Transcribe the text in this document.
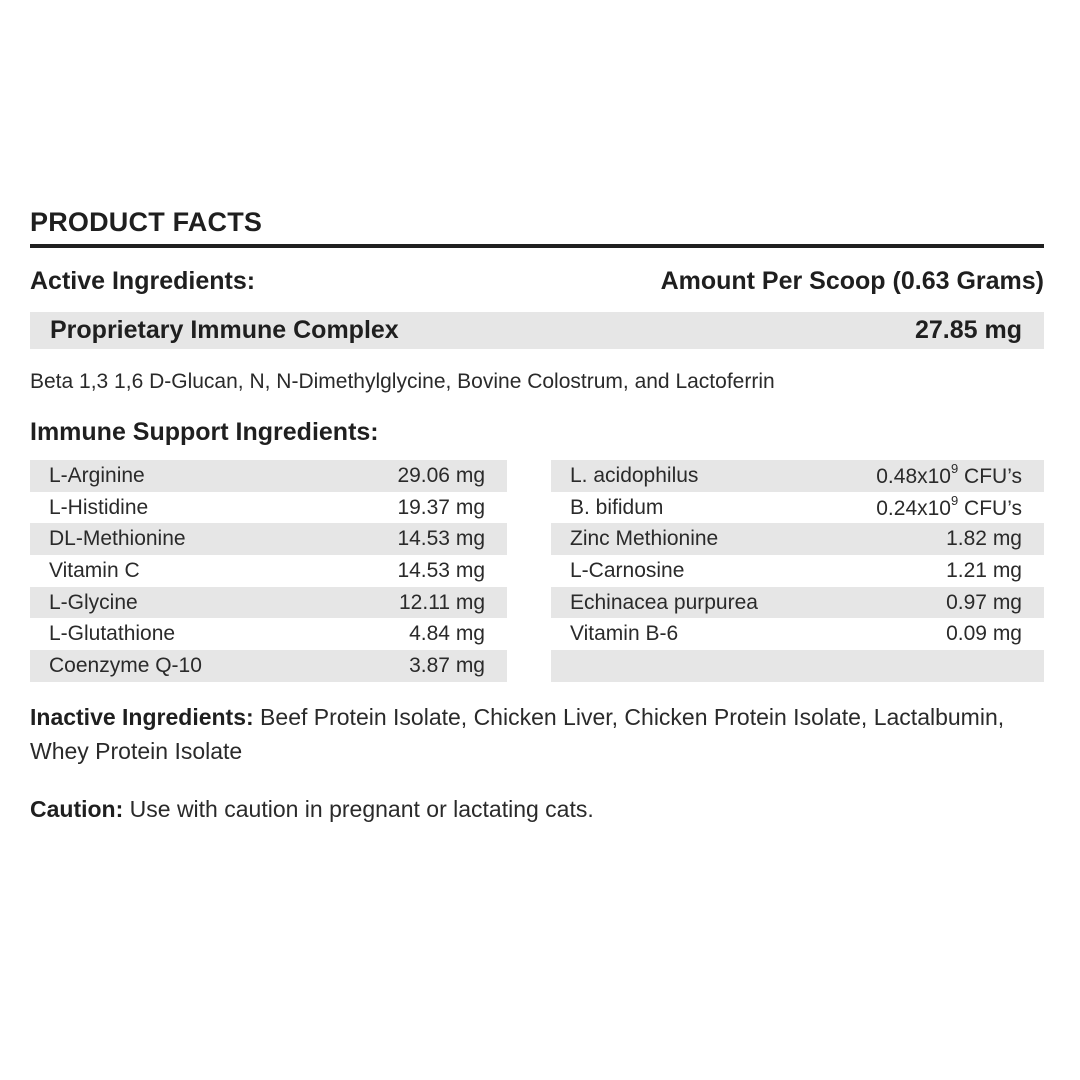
PRODUCT FACTS
Active Ingredients:	Amount Per Scoop (0.63 Grams)
Proprietary Immune Complex	27.85 mg
Beta 1,3 1,6 D-Glucan, N, N-Dimethylglycine, Bovine Colostrum, and Lactoferrin
Immune Support Ingredients:
L-Arginine	29.06 mg
L-Histidine	19.37 mg
DL-Methionine	14.53 mg
Vitamin C	14.53 mg
L-Glycine	12.11 mg
L-Glutathione	4.84 mg
Coenzyme Q-10	3.87 mg
L. acidophilus	$0.48x10^9$ CFU’s
B. bifidum	$0.24x10^9$ CFU’s
Zinc Methionine	1.82 mg
L-Carnosine	1.21 mg
Echinacea purpurea	0.97 mg
Vitamin B-6	0.09 mg
Inactive Ingredients: Beef Protein Isolate, Chicken Liver, Chicken Protein Isolate, Lactalbumin, Whey Protein Isolate
Caution: Use with caution in pregnant or lactating cats.
